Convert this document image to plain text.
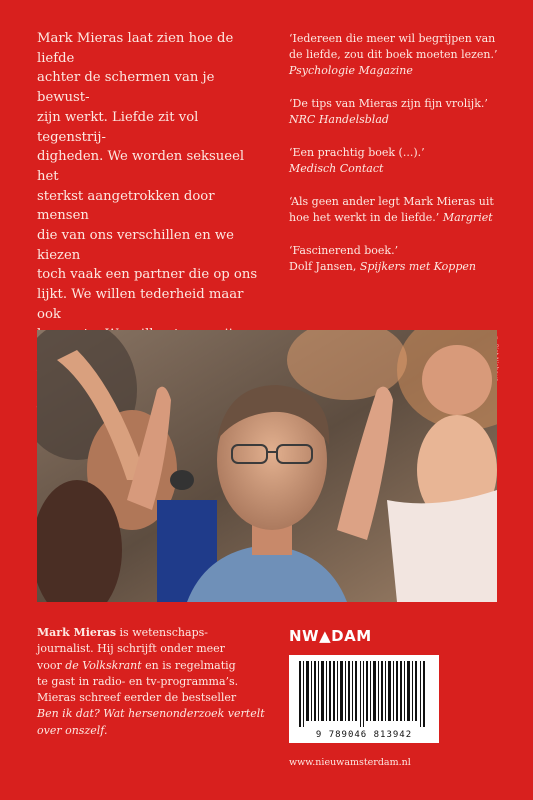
Mark Mieras laat zien hoe de liefde
achter de schermen van je bewust-
zijn werkt. Liefde zit vol tegenstrij-
digheden. We worden seksueel het
sterkst aangetrokken door mensen
die van ons verschillen en we kiezen
toch vaak een partner die op ons
lijkt. We willen tederheid maar ook

‘Iedereen die meer wil begrijpen van de liefde, zou dit boek moeten lezen.’
Psychologie Magazine
‘De tips van Mieras zijn fijn vrolijk.’
NRC Handelsblad
‘Een prachtig boek (...).’
Medisch Contact
‘Als geen ander legt Mark Mieras uit hoe het werkt in de liefde.’ Margriet
‘Fascinerend boek.’
Dolf Jansen, Spijkers met Koppen
Mark Mieras is wetenschaps-
journalist. Hij schrijft onder meer
voor de Volkskrant en is regelmatig
te gast in radio- en tv-programma’s.
Mieras schreef eerder de bestseller
Ben ik dat? Wat hersenonderzoek vertelt over onszelf.
NW▲DAM
9 789046 813942
www.nieuwamsterdam.nl
